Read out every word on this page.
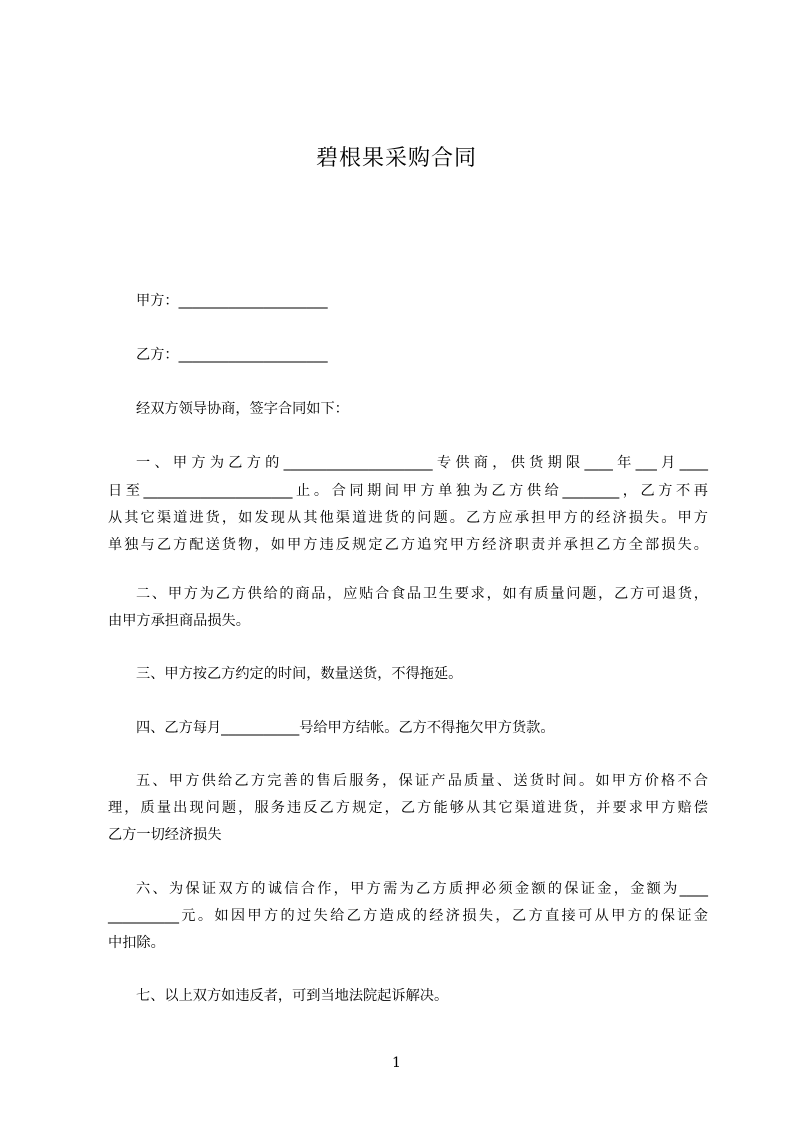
碧根果采购合同
甲方：_____________________
乙方：_____________________
经双方领导协商，签字合同如下：
一、甲方为乙方的_____________________专供商，供货期限____年___月____
日至_____________________止。合同期间甲方单独为乙方供给________，乙方不再
从其它渠道进货，如发现从其他渠道进货的问题。乙方应承担甲方的经济损失。甲方
单独与乙方配送货物，如甲方违反规定乙方追究甲方经济职责并承担乙方全部损失。
二、甲方为乙方供给的商品，应贴合食品卫生要求，如有质量问题，乙方可退货，
由甲方承担商品损失。
三、甲方按乙方约定的时间，数量送货，不得拖延。
四、乙方每月___________号给甲方结帐。乙方不得拖欠甲方货款。
五、甲方供给乙方完善的售后服务，保证产品质量、送货时间。如甲方价格不合
理，质量出现问题，服务违反乙方规定，乙方能够从其它渠道进货，并要求甲方赔偿
乙方一切经济损失
六、为保证双方的诚信合作，甲方需为乙方质押必须金额的保证金，金额为____
__________元。如因甲方的过失给乙方造成的经济损失，乙方直接可从甲方的保证金
中扣除。
七、以上双方如违反者，可到当地法院起诉解决。
1
